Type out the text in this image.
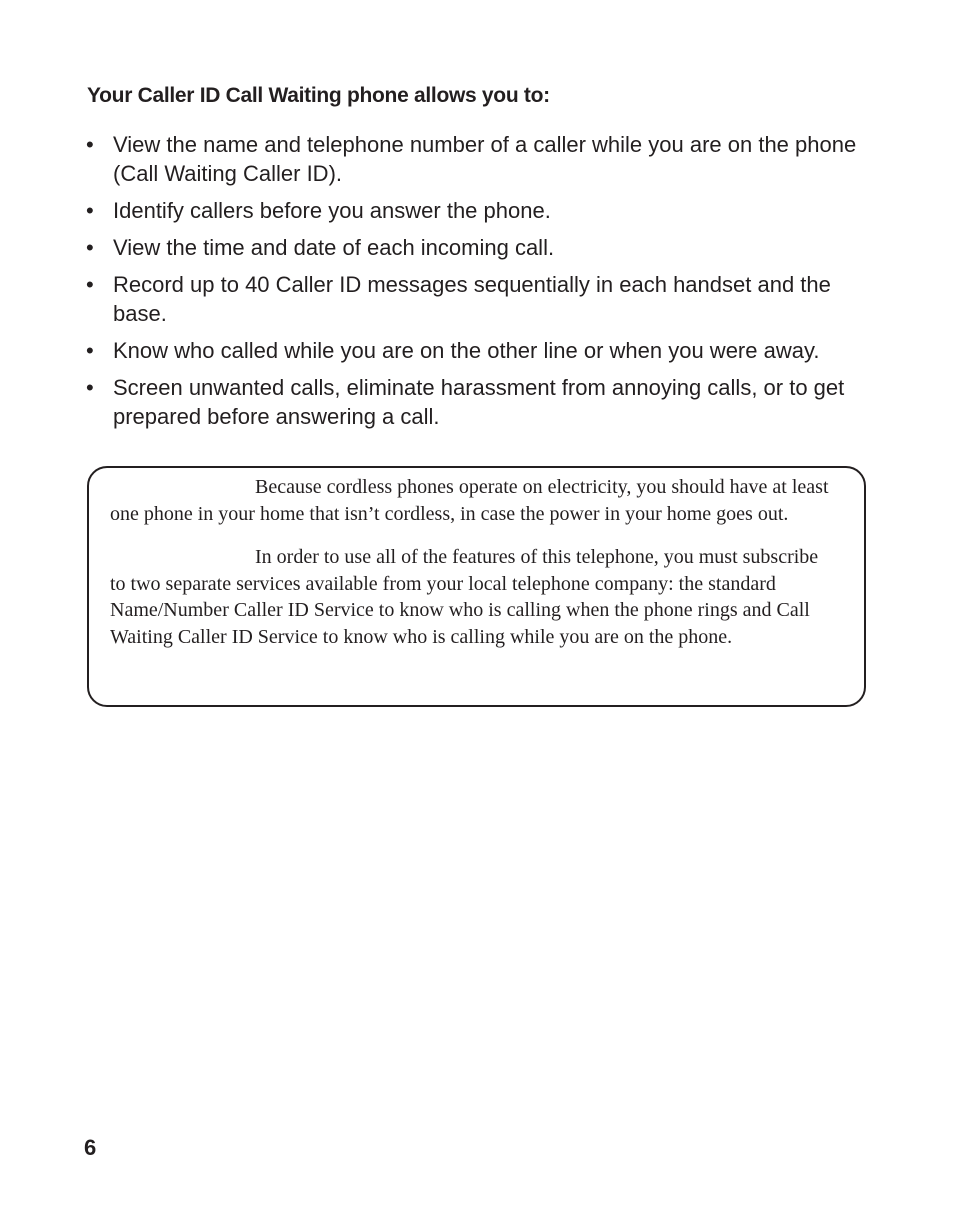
Your Caller ID Call Waiting phone allows you to:
• View the name and telephone number of a caller while you are on the phone (Call Waiting Caller ID).
• Identify callers before you answer the phone.
• View the time and date of each incoming call.
• Record up to 40 Caller ID messages sequentially in each handset and the base.
• Know who called while you are on the other line or when you were away.
• Screen unwanted calls, eliminate harassment from annoying calls, or to get prepared before answering a call.

Because cordless phones operate on electricity, you should have at least one phone in your home that isn’t cordless, in case the power in your home goes out.

In order to use all of the features of this telephone, you must subscribe to two separate services available from your local telephone company: the standard Name/Number Caller ID Service to know who is calling when the phone rings and Call Waiting Caller ID Service to know who is calling while you are on the phone.

6
